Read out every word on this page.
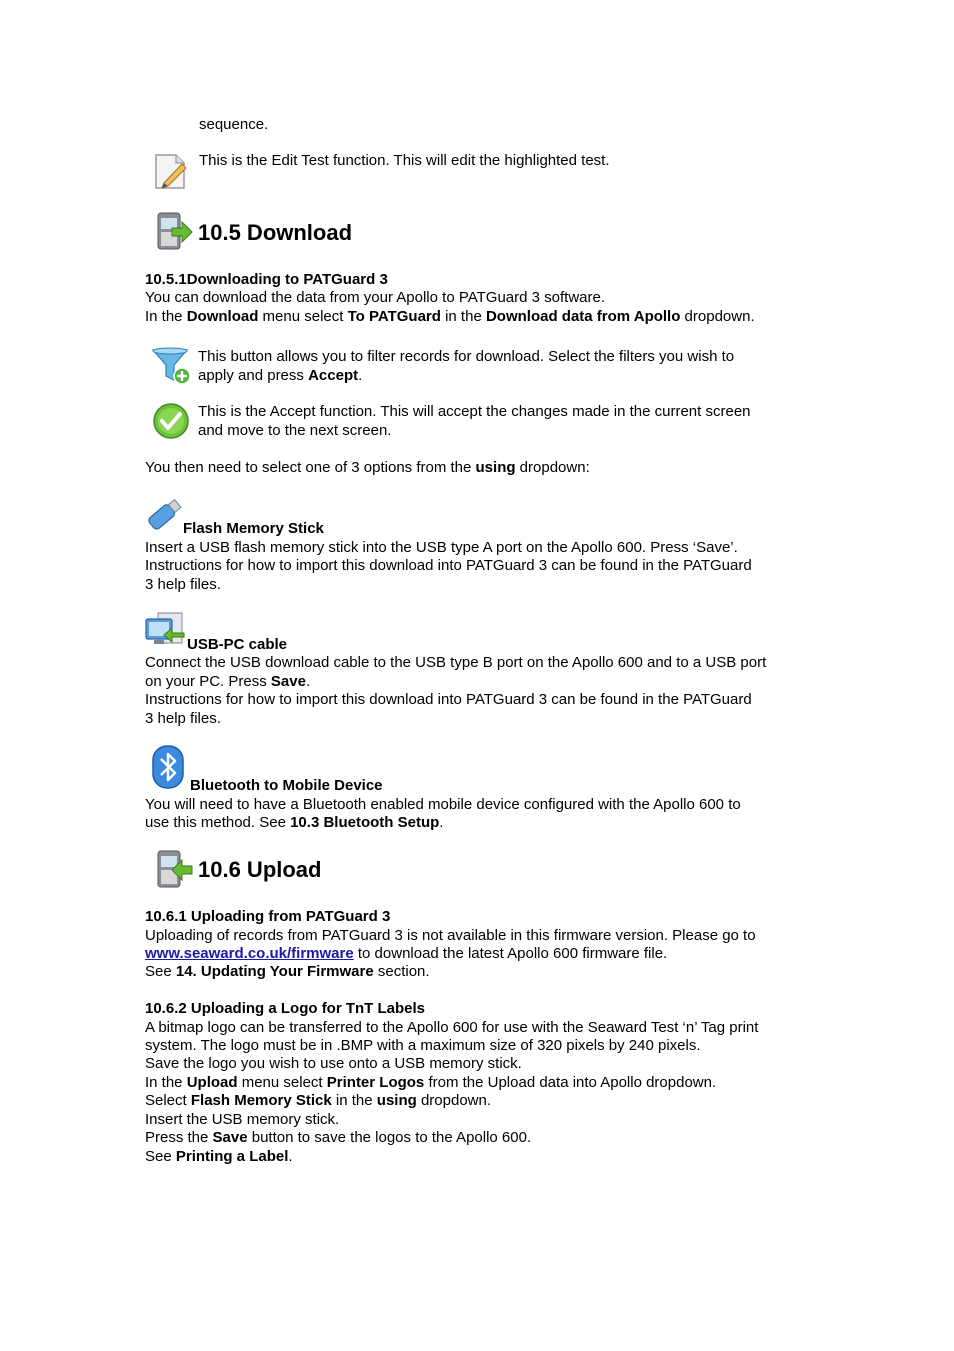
sequence.
This is the Edit Test function. This will edit the highlighted test.
10.5 Download
10.5.1Downloading to PATGuard 3
You can download the data from your Apollo to PATGuard 3 software.
In the Download menu select To PATGuard in the Download data from Apollo dropdown.
This button allows you to filter records for download. Select the filters you wish to
apply and press Accept.
This is the Accept function. This will accept the changes made in the current screen
and move to the next screen.
You then need to select one of 3 options from the using dropdown:
Flash Memory Stick
Insert a USB flash memory stick into the USB type A port on the Apollo 600. Press ‘Save’.
Instructions for how to import this download into PATGuard 3 can be found in the PATGuard
3 help files.
USB-PC cable
Connect the USB download cable to the USB type B port on the Apollo 600 and to a USB port
on your PC. Press Save.
Instructions for how to import this download into PATGuard 3 can be found in the PATGuard
3 help files.
Bluetooth to Mobile Device
You will need to have a Bluetooth enabled mobile device configured with the Apollo 600 to
use this method. See 10.3 Bluetooth Setup.
10.6 Upload
10.6.1 Uploading from PATGuard 3
Uploading of records from PATGuard 3 is not available in this firmware version. Please go to
www.seaward.co.uk/firmware to download the latest Apollo 600 firmware file.
See 14. Updating Your Firmware section.
10.6.2 Uploading a Logo for TnT Labels
A bitmap logo can be transferred to the Apollo 600 for use with the Seaward Test ‘n’ Tag print
system. The logo must be in .BMP with a maximum size of 320 pixels by 240 pixels.
Save the logo you wish to use onto a USB memory stick.
In the Upload menu select Printer Logos from the Upload data into Apollo dropdown.
Select Flash Memory Stick in the using dropdown.
Insert the USB memory stick.
Press the Save button to save the logos to the Apollo 600.
See Printing a Label.
